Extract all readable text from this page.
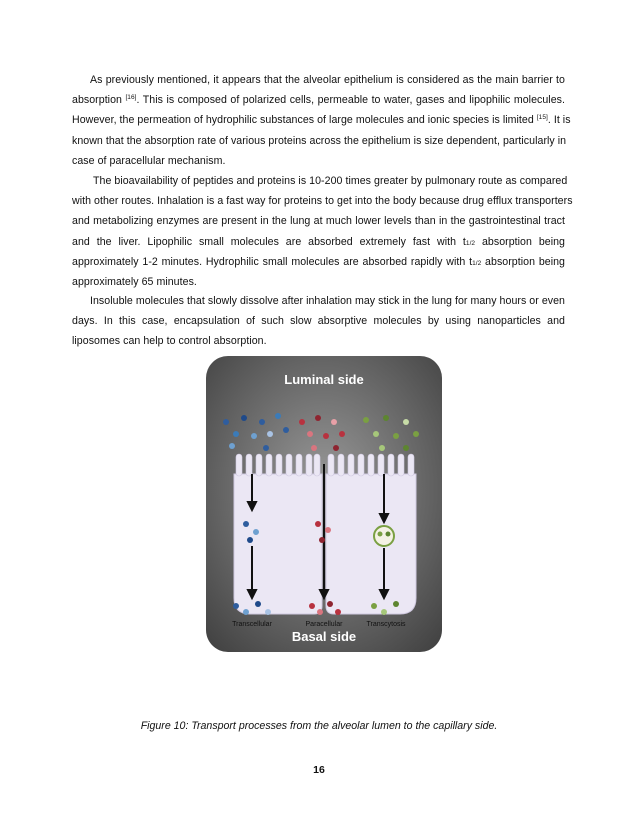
As previously mentioned, it appears that the alveolar epithelium is considered as the main barrier to
absorption [16]. This is composed of polarized cells, permeable to water, gases and lipophilic molecules.
However, the permeation of hydrophilic substances of large molecules and ionic species is limited [15]. It is
known that the absorption rate of various proteins across the epithelium is size dependent, particularly in
case of paracellular mechanism.
The bioavailability of peptides and proteins is 10-200 times greater by pulmonary route as compared
with other routes. Inhalation is a fast way for proteins to get into the body because drug efflux transporters
and metabolizing enzymes are present in the lung at much lower levels than in the gastrointestinal tract
and the liver. Lipophilic small molecules are absorbed extremely fast with t1/2 absorption being
approximately 1-2 minutes. Hydrophilic small molecules are absorbed rapidly with t1/2 absorption being
approximately 65 minutes.
Insoluble molecules that slowly dissolve after inhalation may stick in the lung for many hours or even
days. In this case, encapsulation of such slow absorptive molecules by using nanoparticles and
liposomes can help to control absorption.
Luminal side
Basal side
Transcellular	Paracellular	Transcytosis
Figure 10: Transport processes from the alveolar lumen to the capillary side.
16
